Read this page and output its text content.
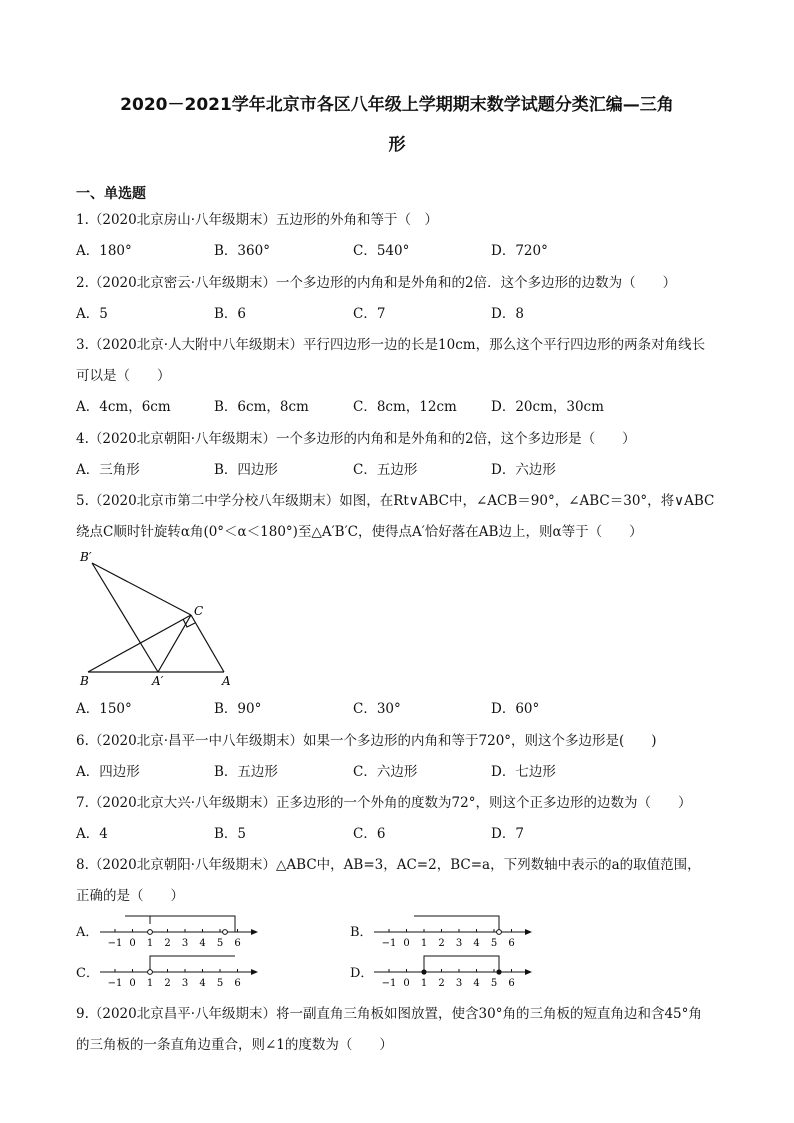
2020－2021学年北京市各区八年级上学期期末数学试题分类汇编—三角
形
一、单选题
1.（2020北京房山·八年级期末）五边形的外角和等于（　）
A．180°	B．360°	C．540°	D．720°
2.（2020北京密云·八年级期末）一个多边形的内角和是外角和的2倍．这个多边形的边数为（　　）
A．5	B．6	C．7	D．8
3.（2020北京·人大附中八年级期末）平行四边形一边的长是10cm，那么这个平行四边形的两条对角线长
可以是（　　）
A．4cm，6cm	B．6cm，8cm	C．8cm，12cm	D．20cm，30cm
4.（2020北京朝阳·八年级期末）一个多边形的内角和是外角和的2倍，这个多边形是（　　）
A．三角形	B．四边形	C．五边形	D．六边形
5.（2020北京市第二中学分校八年级期末）如图，在Rt∨ABC中，∠ACB＝90°，∠ABC＝30°，将∨ABC
绕点C顺时针旋转α角(0°＜α＜180°)至△A′B′C，使得点A′恰好落在AB边上，则α等于（　　）
B′
C
B	A′	A
A．150°	B．90°	C．30°	D．60°
6.（2020北京·昌平一中八年级期末）如果一个多边形的内角和等于720°，则这个多边形是(　　)
A．四边形	B．五边形	C．六边形	D．七边形
7.（2020北京大兴·八年级期末）正多边形的一个外角的度数为72°，则这个正多边形的边数为（　　）
A．4	B．5	C．6	D．7
8.（2020北京朝阳·八年级期末）△ABC中，AB=3，AC=2，BC=a，下列数轴中表示的a的取值范围，
正确的是（　　）
A．
−1 0 1 2 3 4 5 6
B．
−1 0 1 2 3 4 5 6
C．
−1 0 1 2 3 4 5 6
D．
−1 0 1 2 3 4 5 6
9.（2020北京昌平·八年级期末）将一副直角三角板如图放置，使含30°角的三角板的短直角边和含45°角
的三角板的一条直角边重合，则∠1的度数为（　　）
